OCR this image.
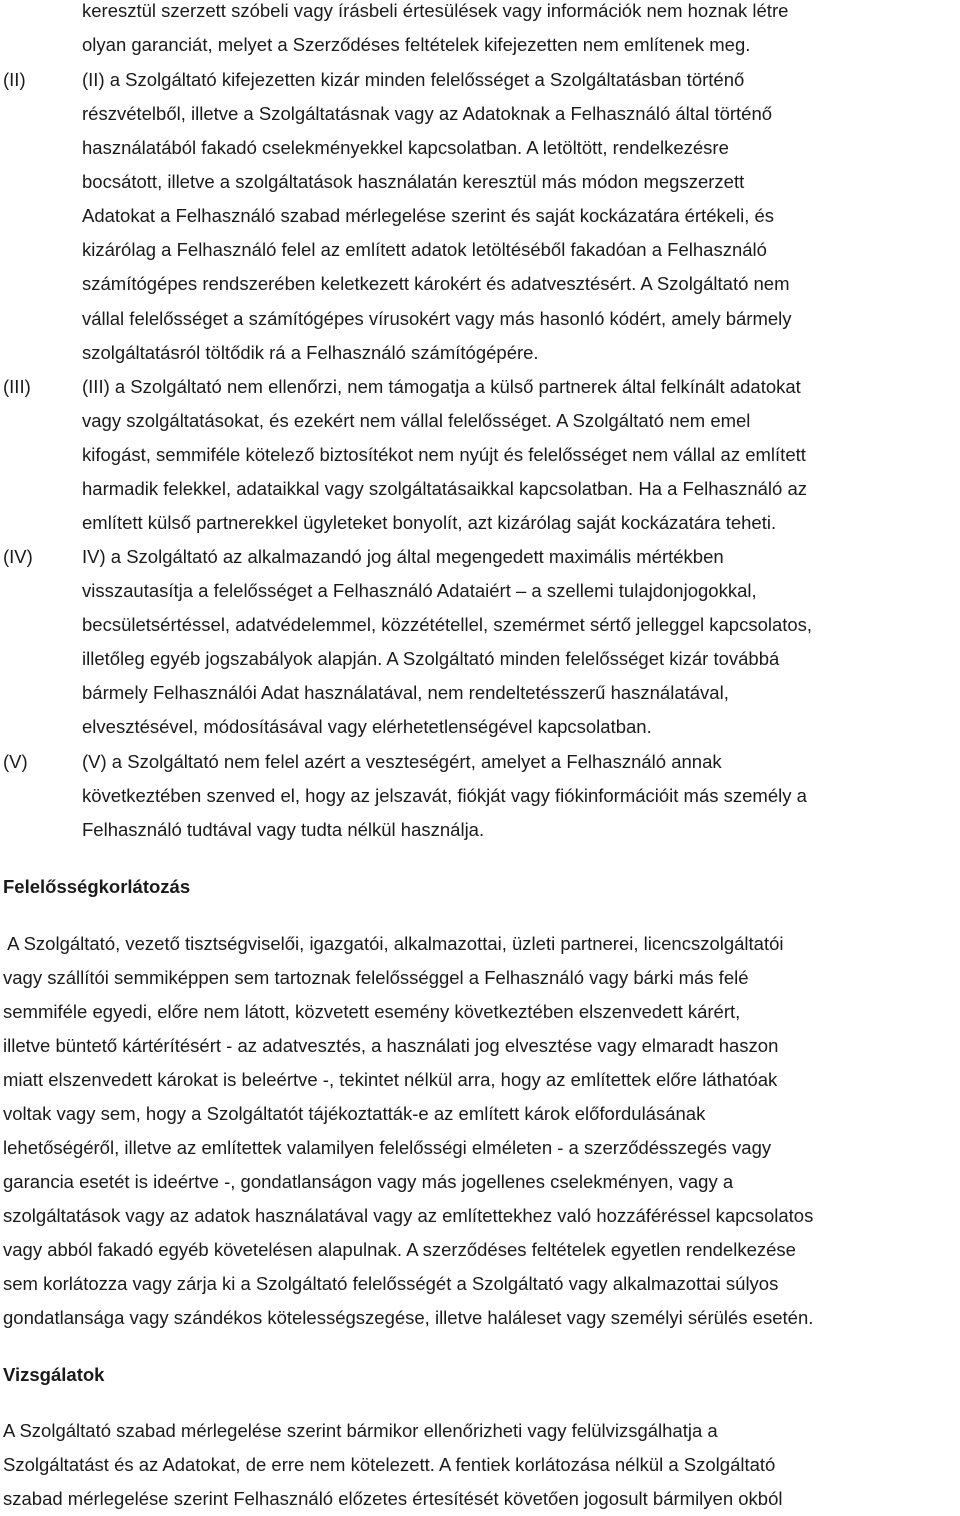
keresztül szerzett szóbeli vagy írásbeli értesülések vagy információk nem hoznak létre
olyan garanciát, melyet a Szerződéses feltételek kifejezetten nem említenek meg.
(II)	(II) a Szolgáltató kifejezetten kizár minden felelősséget a Szolgáltatásban történő
részvételből, illetve a Szolgáltatásnak vagy az Adatoknak a Felhasználó által történő
használatából fakadó cselekményekkel kapcsolatban. A letöltött, rendelkezésre
bocsátott, illetve a szolgáltatások használatán keresztül más módon megszerzett
Adatokat a Felhasználó szabad mérlegelése szerint és saját kockázatára értékeli, és
kizárólag a Felhasználó felel az említett adatok letöltéséből fakadóan a Felhasználó
számítógépes rendszerében keletkezett károkért és adatvesztésért. A Szolgáltató nem
vállal felelősséget a számítógépes vírusokért vagy más hasonló kódért, amely bármely
szolgáltatásról töltődik rá a Felhasználó számítógépére.
(III)	(III) a Szolgáltató nem ellenőrzi, nem támogatja a külső partnerek által felkínált adatokat
vagy szolgáltatásokat, és ezekért nem vállal felelősséget. A Szolgáltató nem emel
kifogást, semmiféle kötelező biztosítékot nem nyújt és felelősséget nem vállal az említett
harmadik felekkel, adataikkal vagy szolgáltatásaikkal kapcsolatban. Ha a Felhasználó az
említett külső partnerekkel ügyleteket bonyolít, azt kizárólag saját kockázatára teheti.
(IV)	IV) a Szolgáltató az alkalmazandó jog által megengedett maximális mértékben
visszautasítja a felelősséget a Felhasználó Adataiért – a szellemi tulajdonjogokkal,
becsületsértéssel, adatvédelemmel, közzététellel, szemérmet sértő jelleggel kapcsolatos,
illetőleg egyéb jogszabályok alapján. A Szolgáltató minden felelősséget kizár továbbá
bármely Felhasználói Adat használatával, nem rendeltetésszerű használatával,
elvesztésével, módosításával vagy elérhetetlenségével kapcsolatban.
(V)	(V) a Szolgáltató nem felel azért a veszteségért, amelyet a Felhasználó annak
következtében szenved el, hogy az jelszavát, fiókját vagy fiókinformációit más személy a
Felhasználó tudtával vagy tudta nélkül használja.
Felelősségkorlátozás
A Szolgáltató, vezető tisztségviselői, igazgatói, alkalmazottai, üzleti partnerei, licencszolgáltatói
vagy szállítói semmiképpen sem tartoznak felelősséggel a Felhasználó vagy bárki más felé
semmiféle egyedi, előre nem látott, közvetett esemény következtében elszenvedett kárért,
illetve büntető kártérítésért - az adatvesztés, a használati jog elvesztése vagy elmaradt haszon
miatt elszenvedett károkat is beleértve -, tekintet nélkül arra, hogy az említettek előre láthatóak
voltak vagy sem, hogy a Szolgáltatót tájékoztatták-e az említett károk előfordulásának
lehetőségéről, illetve az említettek valamilyen felelősségi elméleten - a szerződésszegés vagy
garancia esetét is ideértve -, gondatlanságon vagy más jogellenes cselekményen, vagy a
szolgáltatások vagy az adatok használatával vagy az említettekhez való hozzáféréssel kapcsolatos
vagy abból fakadó egyéb követelésen alapulnak. A szerződéses feltételek egyetlen rendelkezése
sem korlátozza vagy zárja ki a Szolgáltató felelősségét a Szolgáltató vagy alkalmazottai súlyos
gondatlansága vagy szándékos kötelességszegése, illetve haláleset vagy személyi sérülés esetén.
Vizsgálatok
A Szolgáltató szabad mérlegelése szerint bármikor ellenőrizheti vagy felülvizsgálhatja a
Szolgáltatást és az Adatokat, de erre nem kötelezett. A fentiek korlátozása nélkül a Szolgáltató
szabad mérlegelése szerint Felhasználó előzetes értesítését követően jogosult bármilyen okból
